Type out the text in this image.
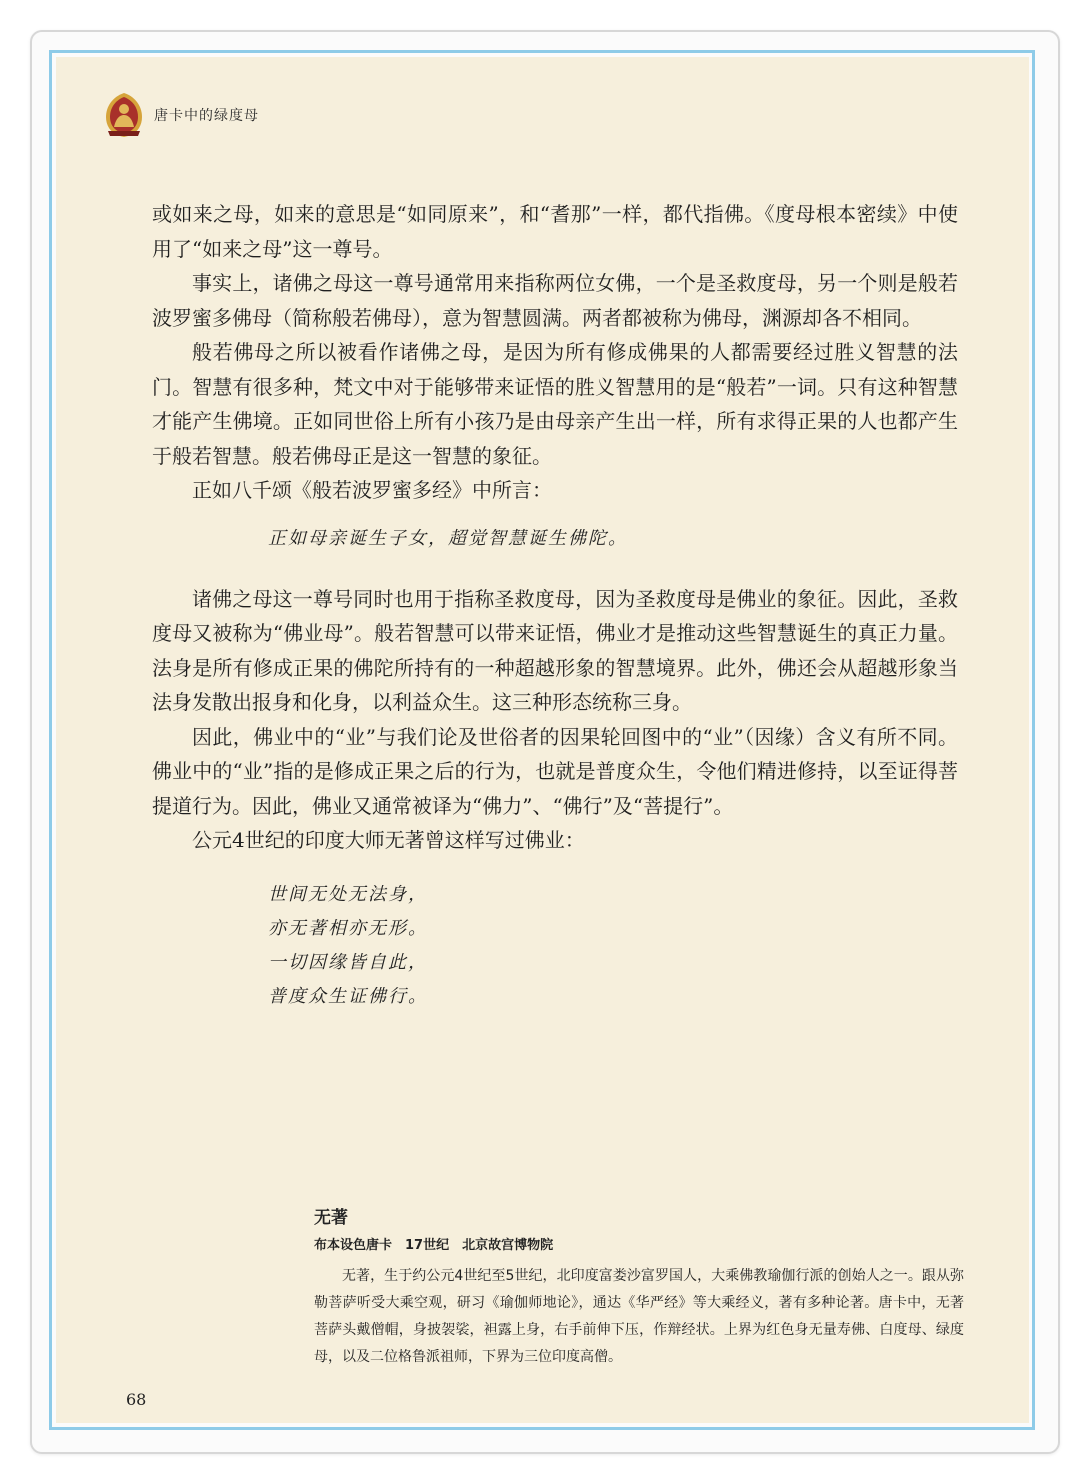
唐卡中的绿度母

或如来之母，如来的意思是“如同原来”，和“耆那”一样，都代指佛。《度母根本密续》中使用了“如来之母”这一尊号。

事实上，诸佛之母这一尊号通常用来指称两位女佛，一个是圣救度母，另一个则是般若波罗蜜多佛母（简称般若佛母），意为智慧圆满。两者都被称为佛母，渊源却各不相同。

般若佛母之所以被看作诸佛之母，是因为所有修成佛果的人都需要经过胜义智慧的法门。智慧有很多种，梵文中对于能够带来证悟的胜义智慧用的是“般若”一词。只有这种智慧才能产生佛境。正如同世俗上所有小孩乃是由母亲产生出一样，所有求得正果的人也都产生于般若智慧。般若佛母正是这一智慧的象征。

正如八千颂《般若波罗蜜多经》中所言：

正如母亲诞生子女，超觉智慧诞生佛陀。

诸佛之母这一尊号同时也用于指称圣救度母，因为圣救度母是佛业的象征。因此，圣救度母又被称为“佛业母”。般若智慧可以带来证悟，佛业才是推动这些智慧诞生的真正力量。法身是所有修成正果的佛陀所持有的一种超越形象的智慧境界。此外，佛还会从超越形象当法身发散出报身和化身，以利益众生。这三种形态统称三身。

因此，佛业中的“业”与我们论及世俗者的因果轮回图中的“业”（因缘）含义有所不同。佛业中的“业”指的是修成正果之后的行为，也就是普度众生，令他们精进修持，以至证得菩提道行为。因此，佛业又通常被译为“佛力”、“佛行”及“菩提行”。

公元4世纪的印度大师无著曾这样写过佛业：

世间无处无法身，
亦无著相亦无形。
一切因缘皆自此，
普度众生证佛行。
无著
布本设色唐卡　17世纪　北京故宫博物院
无著，生于约公元4世纪至5世纪，北印度富娄沙富罗国人，大乘佛教瑜伽行派的创始人之一。跟从弥勒菩萨听受大乘空观，研习《瑜伽师地论》，通达《华严经》等大乘经义，著有多种论著。唐卡中，无著菩萨头戴僧帽，身披袈裟，袒露上身，右手前伸下压，作辩经状。上界为红色身无量寿佛、白度母、绿度母，以及二位格鲁派祖师，下界为三位印度高僧。
68
